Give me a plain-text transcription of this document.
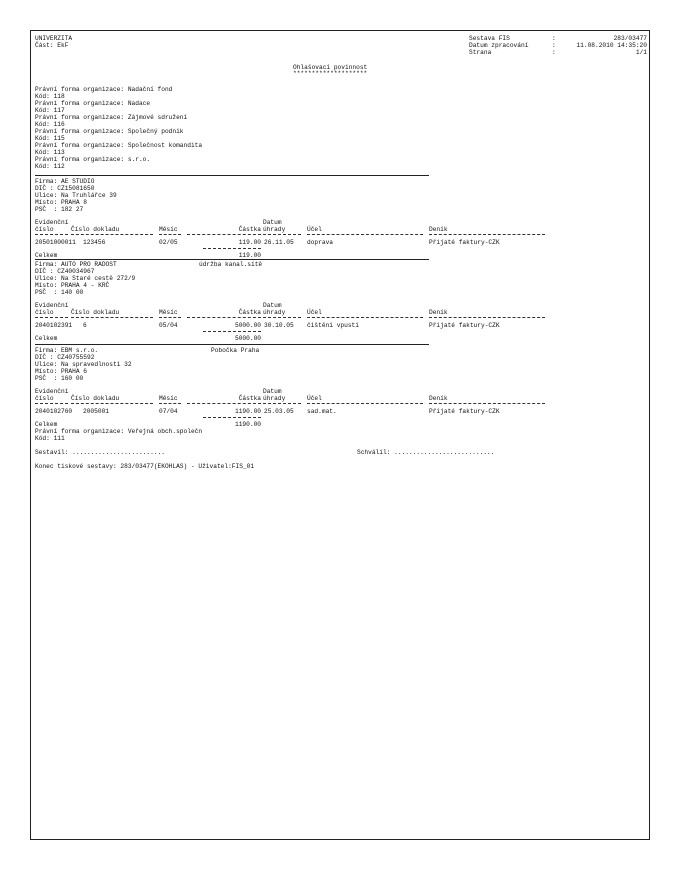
UNIVERZITA
Část: EkF
Sestava FIS	:	283/03477
Datum zpracování	:	11.08.2010 14:35:20
Strana	:	1/1
Ohlašovací povinnost
********************
Právní forma organizace: Nadační fond
Kód: 118
Právní forma organizace: Nadace
Kód: 117
Právní forma organizace: Zájmové sdružení
Kód: 116
Právní forma organizace: Společný podnik
Kód: 115
Právní forma organizace: Společnost komandita
Kód: 113
Právní forma organizace: s.r.o.
Kód: 112
Firma: AE STUDIO
DIČ : CZ15081650
Ulice: Na Truhlářce 39
Místo: PRAHA 8
PSČ  : 182 27
Evidenční	Datum
číslo	Číslo dokladu	Měsíc	Částka úhrady	Účel	Deník
20501000011 123456	02/05	119.00 26.11.05 doprava	Přijaté faktury-CZK
Celkem	119.00
Firma: AUTO PRO RADOST	údržba kanal.sítě
DIČ : CZ40034967
Ulice: Na Staré cestě 272/9
Místo: PRAHA 4 - KRČ
PSČ  : 140 00
Evidenční	Datum
číslo	Číslo dokladu	Měsíc	Částka úhrady	Účel	Deník
2040102391 6	05/04	5000.00 30.10.05 čištění vpusti	Přijaté faktury-CZK
Celkem	5000.00
Firma: EBM s.r.o.	Pobočka Praha
DIČ : CZ40755592
Ulice: Na spravedlnosti 32
Místo: PRAHA 6
PSČ  : 160 00
Evidenční	Datum
číslo	Číslo dokladu	Měsíc	Částka úhrady	Účel	Deník
2040102760 2005001	07/04	1190.00 25.03.05 sad.mat.	Přijaté faktury-CZK
Celkem	1190.00
Právní forma organizace: Veřejná obch.společn
Kód: 111
Sestavil: .........................	Schválil: ...........................
Konec tiskové sestavy: 283/03477(EKOHLAS) - Uživatel:FIS_01
